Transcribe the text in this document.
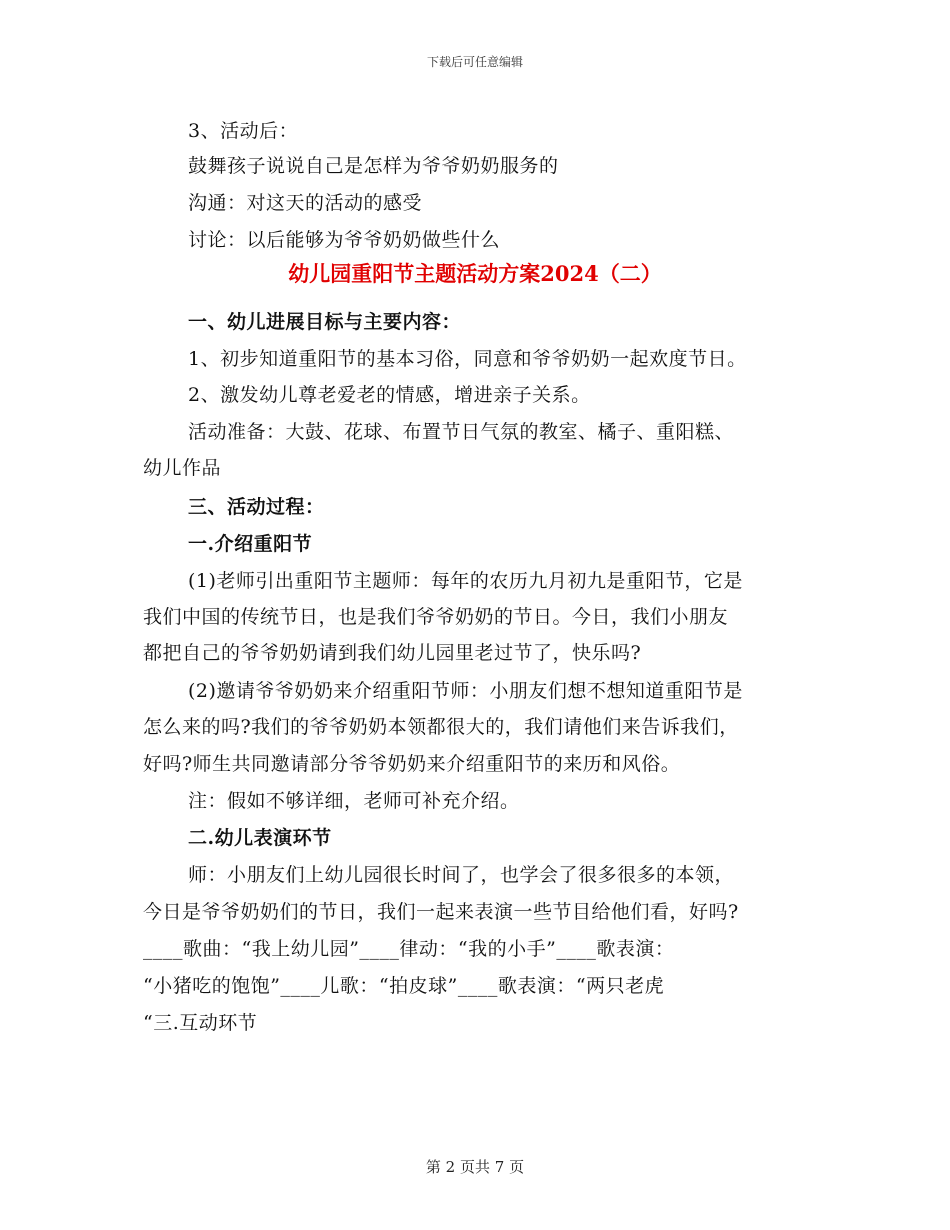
下载后可任意编辑
3、活动后：
鼓舞孩子说说自己是怎样为爷爷奶奶服务的
沟通：对这天的活动的感受
讨论：以后能够为爷爷奶奶做些什么
幼儿园重阳节主题活动方案2024（二）
一、幼儿进展目标与主要内容：
1、初步知道重阳节的基本习俗，同意和爷爷奶奶一起欢度节日。
2、激发幼儿尊老爱老的情感，增进亲子关系。
活动准备：大鼓、花球、布置节日气氛的教室、橘子、重阳糕、
幼儿作品
三、活动过程：
一.介绍重阳节
(1)老师引出重阳节主题师：每年的农历九月初九是重阳节，它是
我们中国的传统节日，也是我们爷爷奶奶的节日。今日，我们小朋友
都把自己的爷爷奶奶请到我们幼儿园里老过节了，快乐吗?
(2)邀请爷爷奶奶来介绍重阳节师：小朋友们想不想知道重阳节是
怎么来的吗?我们的爷爷奶奶本领都很大的，我们请他们来告诉我们，
好吗?师生共同邀请部分爷爷奶奶来介绍重阳节的来历和风俗。
注：假如不够详细，老师可补充介绍。
二.幼儿表演环节
师：小朋友们上幼儿园很长时间了，也学会了很多很多的本领，
今日是爷爷奶奶们的节日，我们一起来表演一些节目给他们看，好吗?
____歌曲：“我上幼儿园”____律动：“我的小手”____歌表演：
“小猪吃的饱饱”____儿歌：“拍皮球”____歌表演：“两只老虎
“三.互动环节
第 2 页共 7 页
